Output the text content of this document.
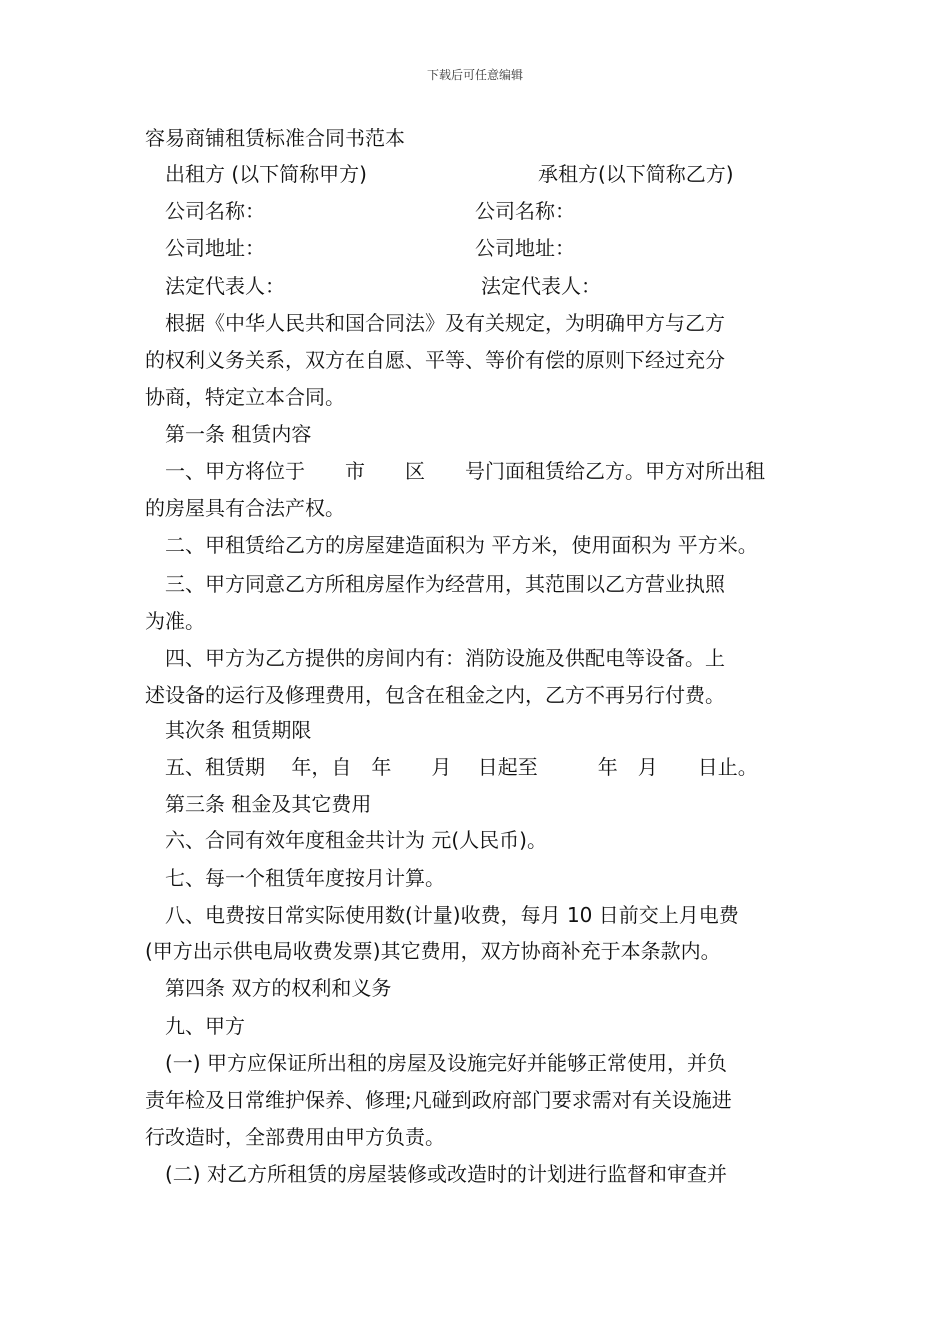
下载后可任意编辑
容易商铺租赁标准合同书范本
出租方 (以下简称甲方)	承租方(以下简称乙方)
公司名称：	公司名称：
公司地址：	公司地址：
法定代表人：	法定代表人：
根据《中华人民共和国合同法》及有关规定，为明确甲方与乙方
的权利义务关系，双方在自愿、平等、等价有偿的原则下经过充分
协商，特定立本合同。
第一条 租赁内容
一、甲方将位于　　市　　区　　号门面租赁给乙方。甲方对所出租
的房屋具有合法产权。
二、甲租赁给乙方的房屋建造面积为 平方米，使用面积为 平方米。
三、甲方同意乙方所租房屋作为经营用，其范围以乙方营业执照
为准。
四、甲方为乙方提供的房间内有：消防设施及供配电等设备。上
述设备的运行及修理费用，包含在租金之内，乙方不再另行付费。
其次条 租赁期限
五、租赁期　 年，自　年　　月　 日起至　　　年　月　　日止。
第三条 租金及其它费用
六、合同有效年度租金共计为 元(人民币)。
七、每一个租赁年度按月计算。
八、电费按日常实际使用数(计量)收费，每月 10 日前交上月电费
(甲方出示供电局收费发票)其它费用，双方协商补充于本条款内。
第四条 双方的权利和义务
九、甲方
(一) 甲方应保证所出租的房屋及设施完好并能够正常使用，并负
责年检及日常维护保养、修理;凡碰到政府部门要求需对有关设施进
行改造时，全部费用由甲方负责。
(二) 对乙方所租赁的房屋装修或改造时的计划进行监督和审查并
